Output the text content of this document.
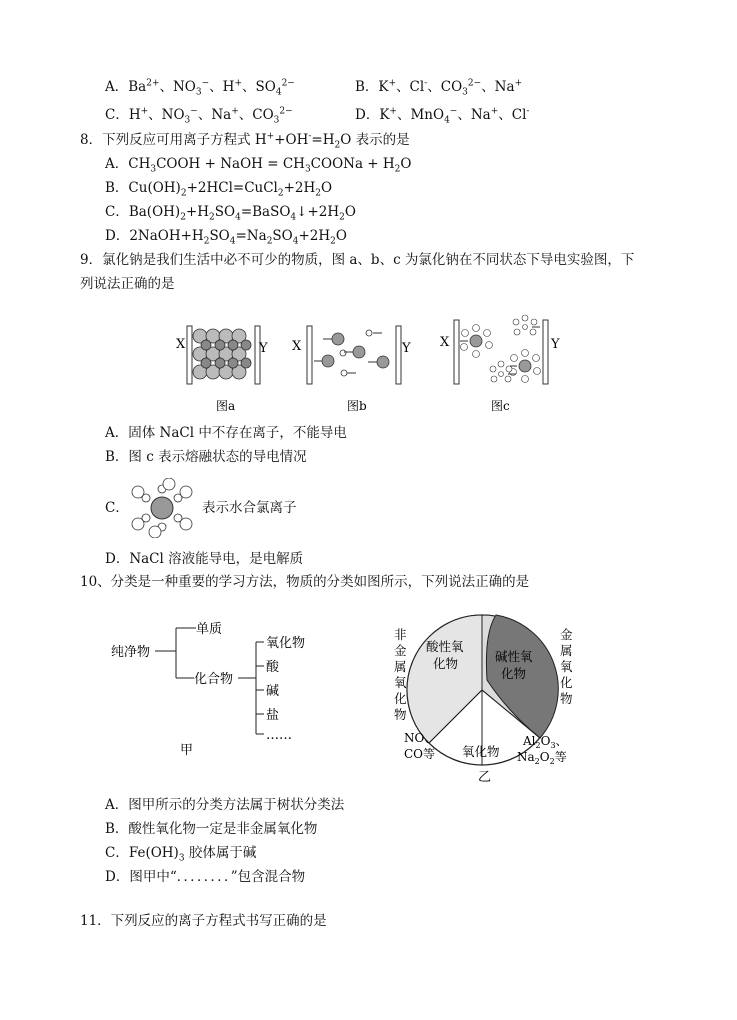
A．$Ba^{2+}$、$NO_3^-$、H+、$SO_4^{2-}$	B．K+、Cl-、$CO_3^{2-}$、Na+
C．H+、$NO_3^-$、Na+、$CO_3^{2-}$	D．K+、MnO$_4$−、Na+、Cl-
8．下列反应可用离子方程式 $H^++OH^-=H_2O$ 表示的是
A．$CH_3COOH$ + NaOH = $CH_3COONa + H_2O$
B．$Cu(OH)_2+2HCl=CuCl_2+2H_2O$
C．$Ba(OH)_2+H_2SO_4=BaSO_4↓+2H_2O$
D．$2NaOH+H_2SO_4=Na_2SO_4+2H_2O$
9．氯化钠是我们生活中必不可少的物质，图 a、b、c 为氯化钠在不同状态下导电实验图，下
列说法正确的是
X	Y
图a
X	Y
图b
X	Y
图c
A．固体 NaCl 中不存在离子，不能导电
B．图 c 表示熔融状态的导电情况
C．	表示水合氯离子
D．NaCl 溶液能导电，是电解质
10、分类是一种重要的学习方法，物质的分类如图所示，下列说法正确的是
纯净物
单质
化合物
氧化物
酸
碱
盐
……
甲
酸性氧
化物	碱性氧
化物
非
金
属
氧
化
物
金
属
氧
化
物
NO、
CO等 氧化物
$Al_2O_3$、
$Na_2O_2$等
乙
A．图甲所示的分类方法属于树状分类法
B．酸性氧化物一定是非金属氧化物
C．$Fe(OH)_3$ 胶体属于碱
D．图甲中“．．．．．．．．”包含混合物
11．下列反应的离子方程式书写正确的是
